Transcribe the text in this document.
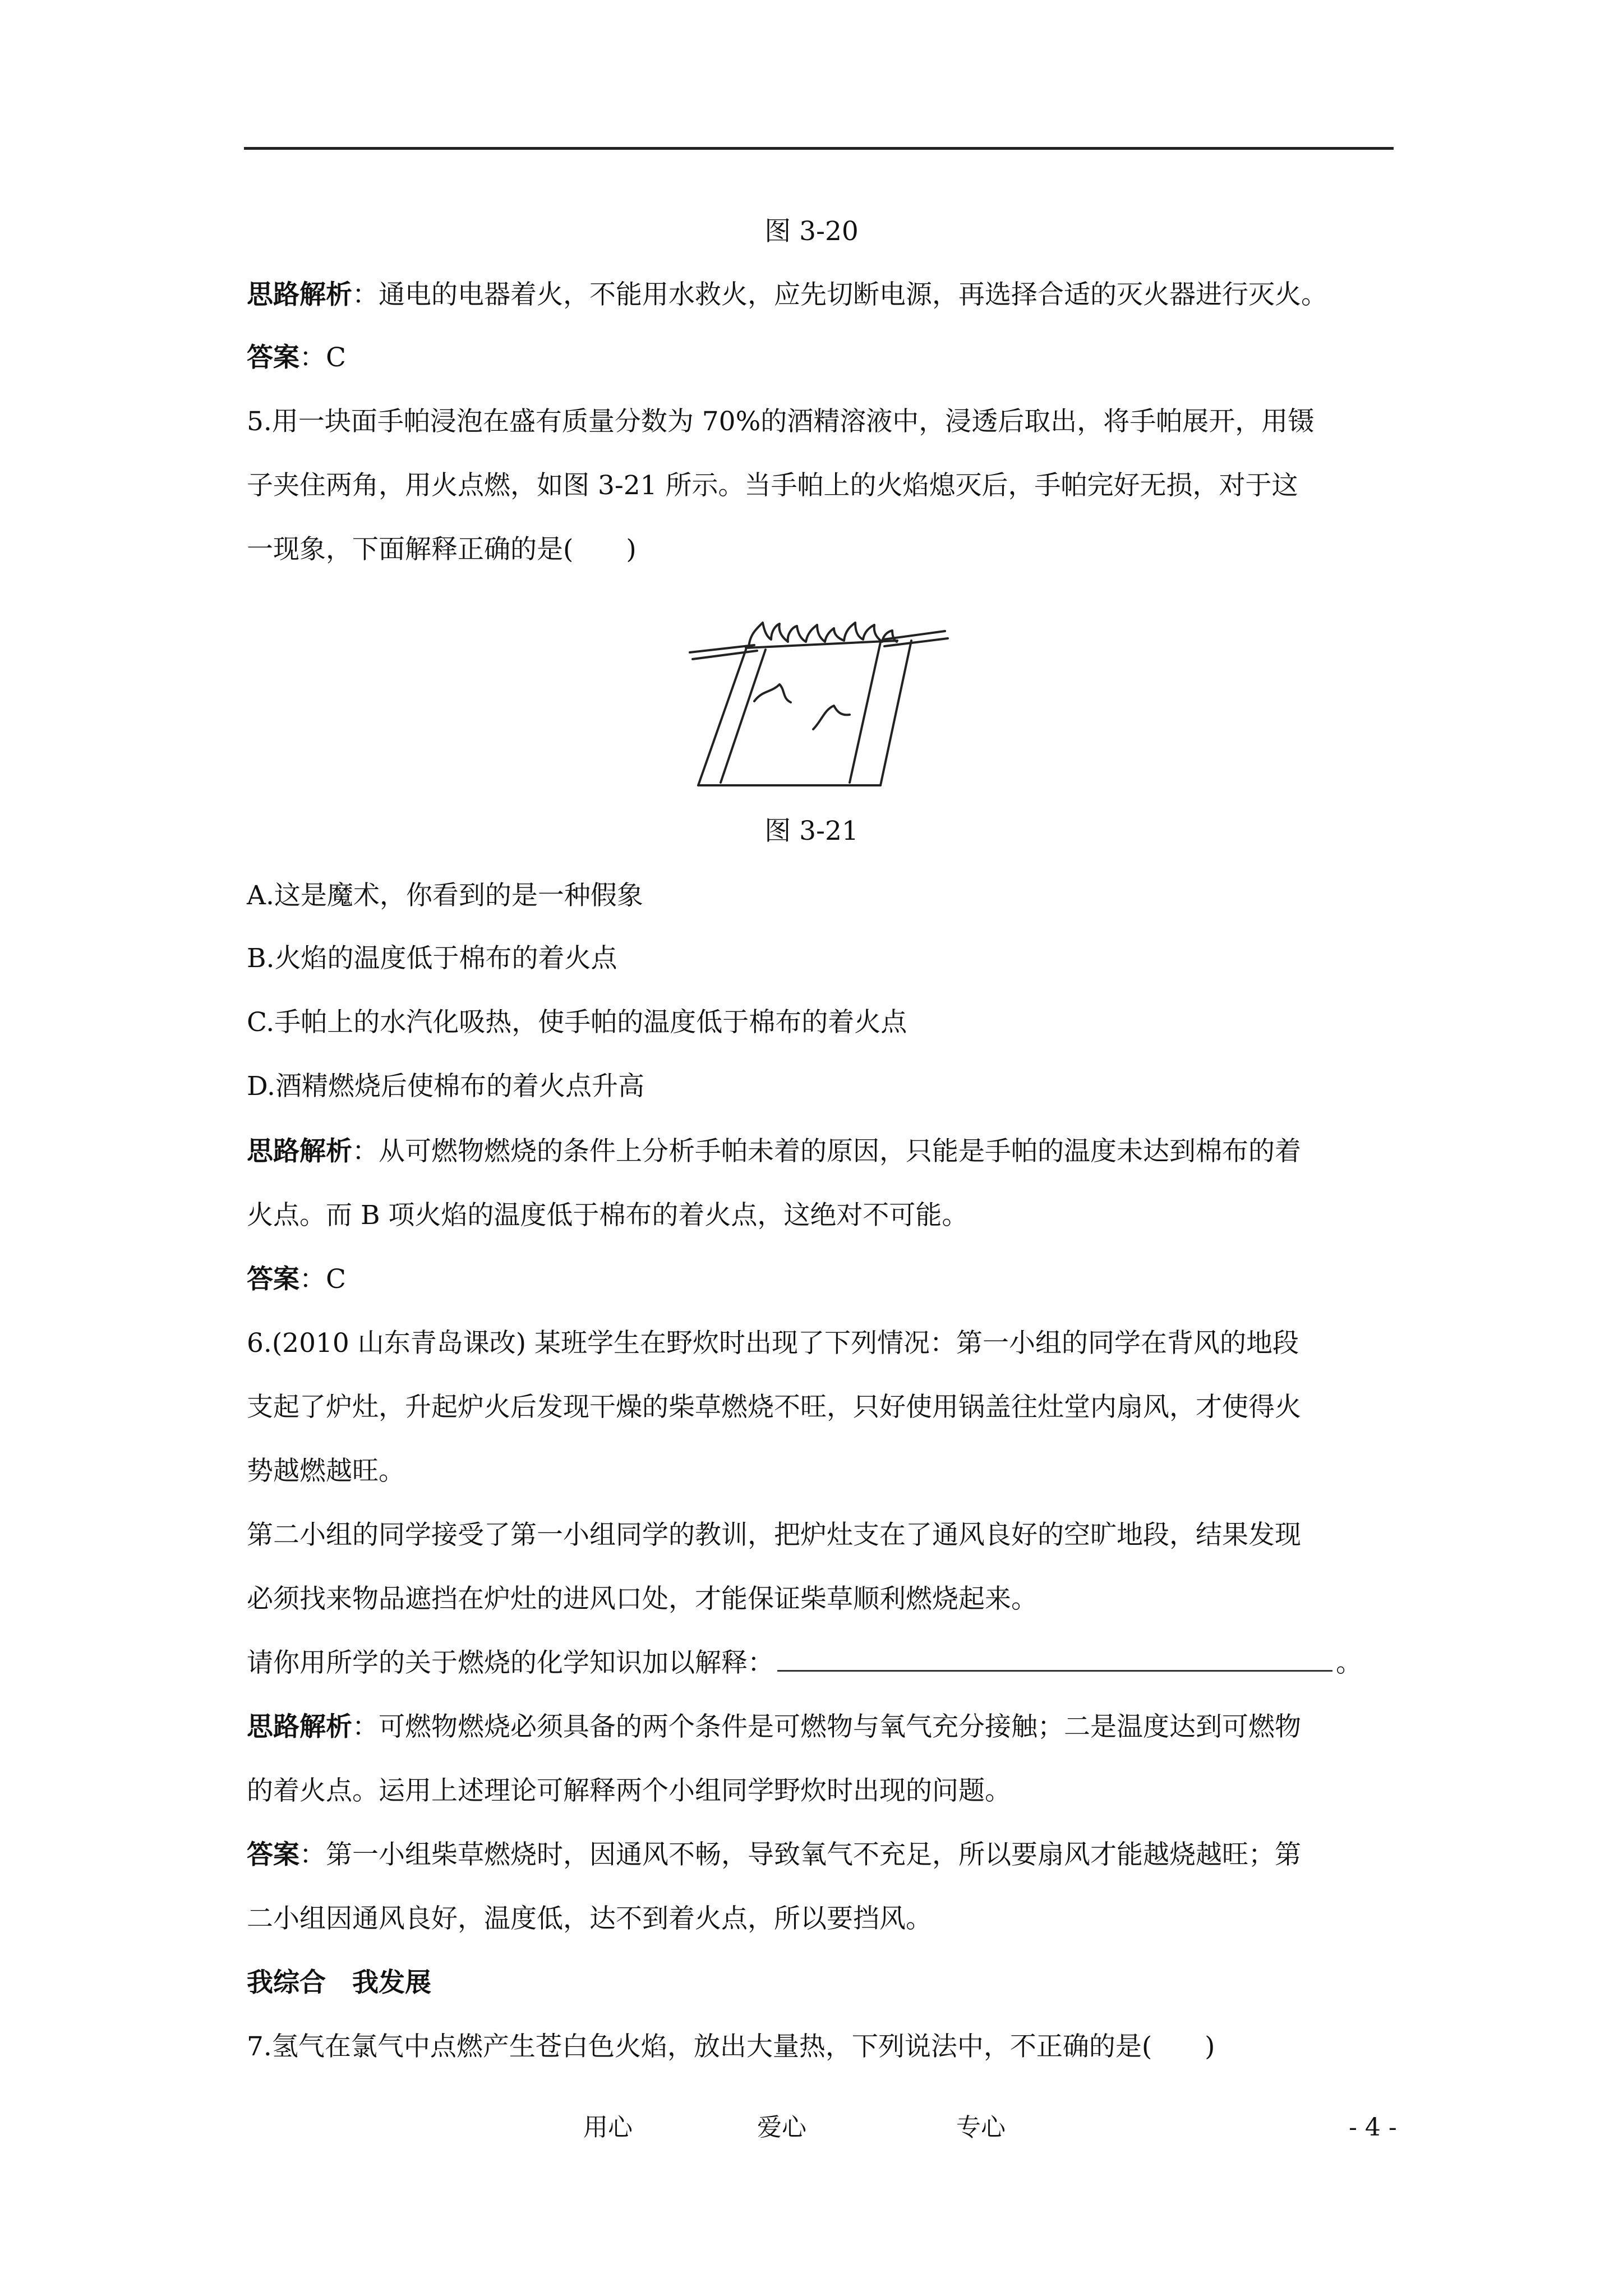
图 3-20
思路解析：通电的电器着火，不能用水救火，应先切断电源，再选择合适的灭火器进行灭火。
答案：C
5.用一块面手帕浸泡在盛有质量分数为 70%的酒精溶液中，浸透后取出，将手帕展开，用镊
子夹住两角，用火点燃，如图 3-21 所示。当手帕上的火焰熄灭后，手帕完好无损，对于这
一现象，下面解释正确的是(　　)
图 3-21
A.这是魔术，你看到的是一种假象
B.火焰的温度低于棉布的着火点
C.手帕上的水汽化吸热，使手帕的温度低于棉布的着火点
D.酒精燃烧后使棉布的着火点升高
思路解析：从可燃物燃烧的条件上分析手帕未着的原因，只能是手帕的温度未达到棉布的着
火点。而 B 项火焰的温度低于棉布的着火点，这绝对不可能。
答案：C
6.(2010 山东青岛课改) 某班学生在野炊时出现了下列情况：第一小组的同学在背风的地段
支起了炉灶，升起炉火后发现干燥的柴草燃烧不旺，只好使用锅盖往灶堂内扇风，才使得火
势越燃越旺。
第二小组的同学接受了第一小组同学的教训，把炉灶支在了通风良好的空旷地段，结果发现
必须找来物品遮挡在炉灶的进风口处，才能保证柴草顺利燃烧起来。
请你用所学的关于燃烧的化学知识加以解释：	。
思路解析：可燃物燃烧必须具备的两个条件是可燃物与氧气充分接触；二是温度达到可燃物
的着火点。运用上述理论可解释两个小组同学野炊时出现的问题。
答案：第一小组柴草燃烧时，因通风不畅，导致氧气不充足，所以要扇风才能越烧越旺；第
二小组因通风良好，温度低，达不到着火点，所以要挡风。
我综合　我发展
7.氢气在氯气中点燃产生苍白色火焰，放出大量热，下列说法中，不正确的是(　　)
用心	爱心	专心	- 4 -
